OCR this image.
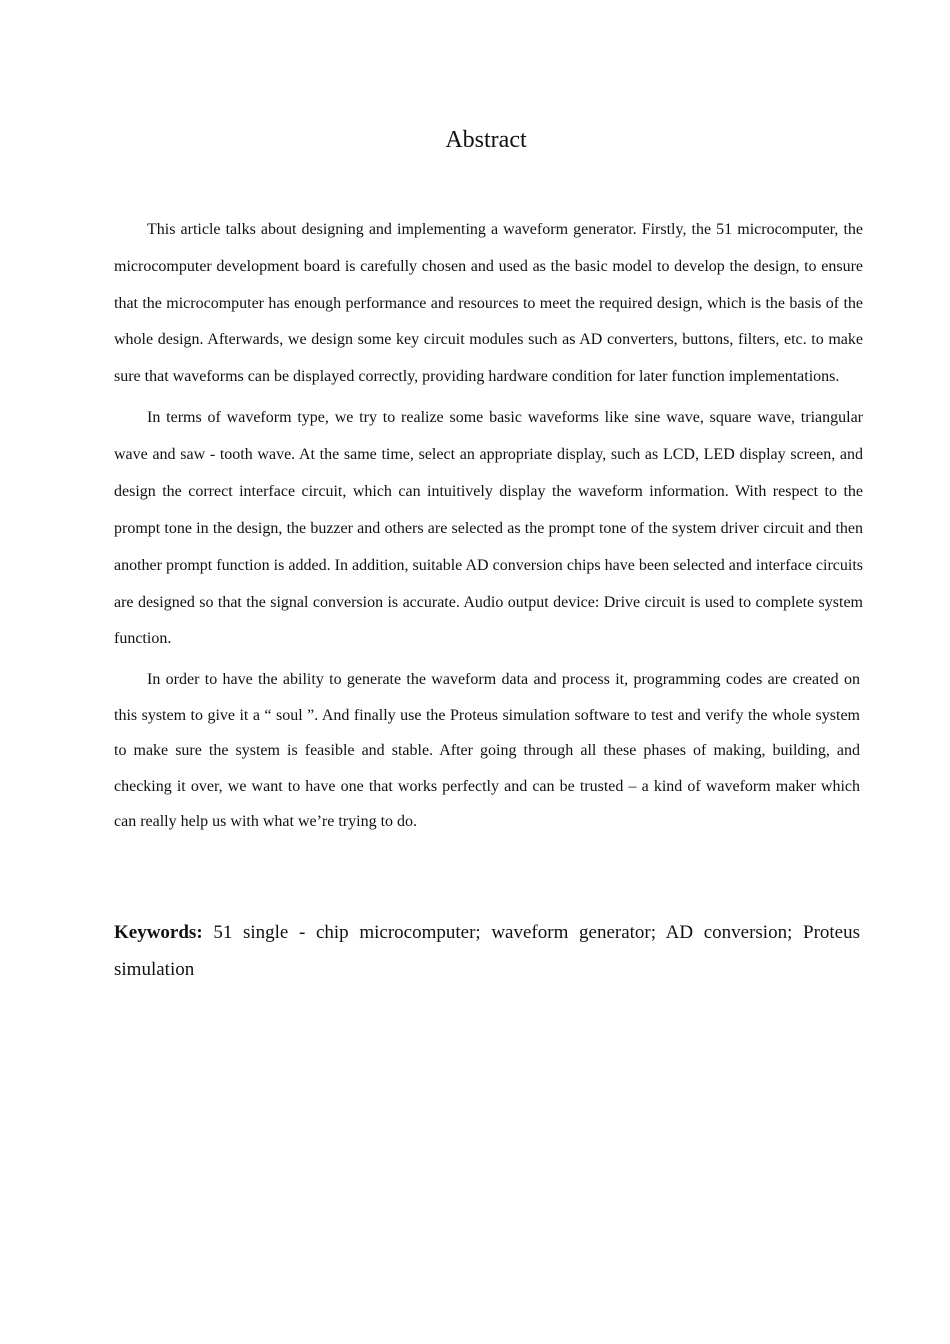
Abstract

This article talks about designing and implementing a waveform generator. Firstly, the 51 microcomputer, the microcomputer development board is carefully chosen and used as the basic model to develop the design, to ensure that the microcomputer has enough performance and resources to meet the required design, which is the basis of the whole design. Afterwards, we design some key circuit modules such as AD converters, buttons, filters, etc. to make sure that waveforms can be displayed correctly, providing hardware condition for later function implementations.

In terms of waveform type, we try to realize some basic waveforms like sine wave, square wave, triangular wave and saw - tooth wave. At the same time, select an appropriate display, such as LCD, LED display screen, and design the correct interface circuit, which can intuitively display the waveform information. With respect to the prompt tone in the design, the buzzer and others are selected as the prompt tone of the system driver circuit and then another prompt function is added. In addition, suitable AD conversion chips have been selected and interface circuits are designed so that the signal conversion is accurate. Audio output device: Drive circuit is used to complete system function.

In order to have the ability to generate the waveform data and process it, programming codes are created on this system to give it a “ soul ”. And finally use the Proteus simulation software to test and verify the whole system to make sure the system is feasible and stable. After going through all these phases of making, building, and checking it over, we want to have one that works perfectly and can be trusted – a kind of waveform maker which can really help us with what we’re trying to do.

Keywords: 51 single - chip microcomputer; waveform generator; AD conversion; Proteus simulation
